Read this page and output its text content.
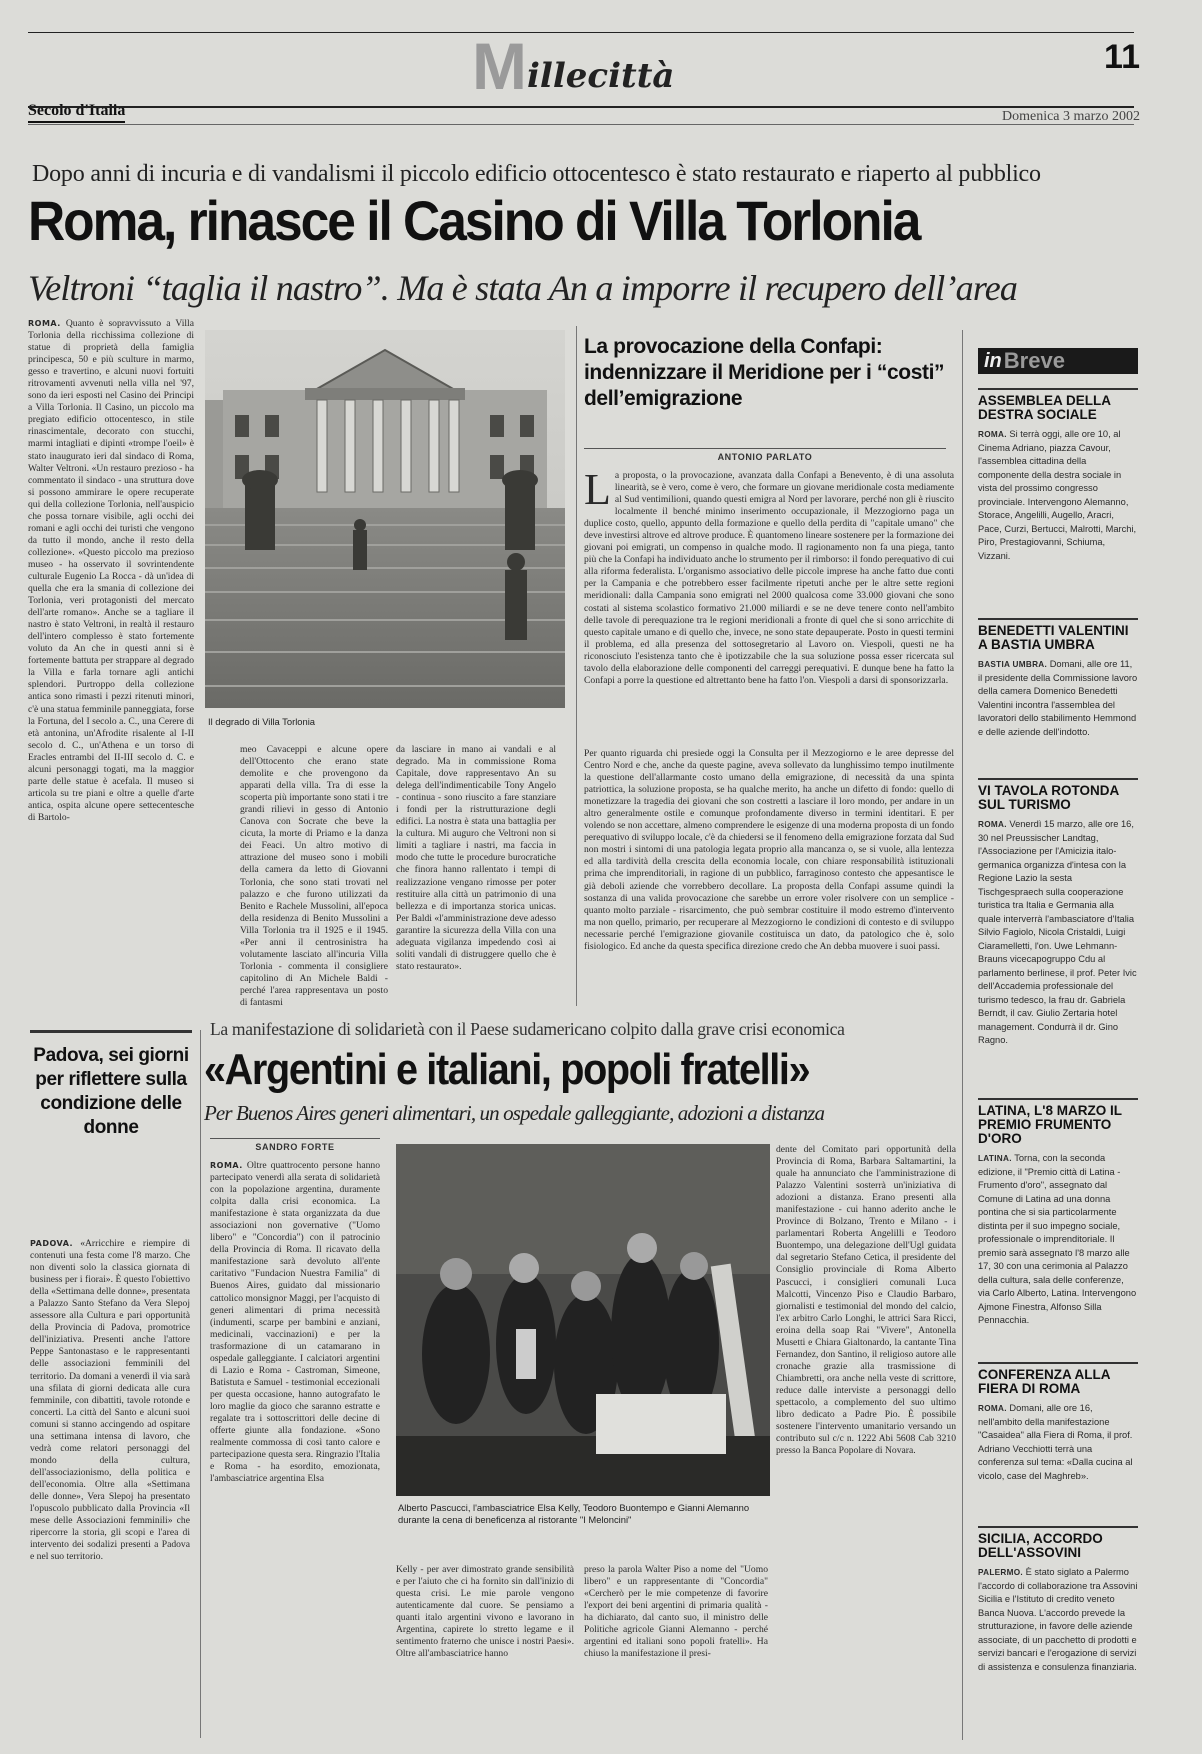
M illecittà	11
Secolo d'Italia	Domenica 3 marzo 2002
Dopo anni di incuria e di vandalismi il piccolo edificio ottocentesco è stato restaurato e riaperto al pubblico
Roma, rinasce il Casino di Villa Torlonia
Veltroni “taglia il nastro”. Ma è stata An a imporre il recupero dell’area
ROMA. Quanto è sopravvissuto a Villa Torlonia della ricchissima collezione di statue di proprietà della famiglia principesca, 50 e più sculture in marmo, gesso e travertino, e alcuni nuovi fortuiti ritrovamenti avvenuti nella villa nel '97, sono da ieri esposti nel Casino dei Principi a Villa Torlonia. Il Casino, un piccolo ma pregiato edificio ottocentesco, in stile rinascimentale, decorato con stucchi, marmi intagliati e dipinti «trompe l'oeil» è stato inaugurato ieri dal sindaco di Roma, Walter Veltroni. «Un restauro prezioso - ha commentato il sindaco - una struttura dove si possono ammirare le opere recuperate qui della collezione Torlonia, nell'auspicio che possa tornare visibile, agli occhi dei romani e agli occhi dei turisti che vengono da tutto il mondo, anche il resto della collezione». «Questo piccolo ma prezioso museo - ha osservato il sovrintendente culturale Eugenio La Rocca - dà un'idea di quella che era la smania di collezione dei Torlonia, veri protagonisti del mercato dell'arte romano». Anche se a tagliare il nastro è stato Veltroni, in realtà il restauro dell'intero complesso è stato fortemente voluto da An che in questi anni si è fortemente battuta per strappare al degrado la Villa e farla tornare agli antichi splendori. Purtroppo della collezione antica sono rimasti i pezzi ritenuti minori, c'è una statua femminile panneggiata, forse la Fortuna, del I secolo a. C., una Cerere di età antonina, un'Afrodite risalente al I-II secolo d. C., un'Athena e un torso di Eracles entrambi del II-III secolo d. C. e alcuni personaggi togati, ma la maggior parte delle statue è acefala. Il museo si articola su tre piani e oltre a quelle d'arte antica, ospita alcune opere settecentesche di Bartolo-
Il degrado di Villa Torlonia
meo Cavaceppi e alcune opere dell'Ottocento che erano state demolite e che provengono da apparati della villa. Tra di esse la scoperta più importante sono stati i tre grandi rilievi in gesso di Antonio Canova con Socrate che beve la cicuta, la morte di Priamo e la danza dei Feaci. Un altro motivo di attrazione del museo sono i mobili della camera da letto di Giovanni Torlonia, che sono stati trovati nel palazzo e che furono utilizzati da Benito e Rachele Mussolini, all'epoca della residenza di Benito Mussolini a Villa Torlonia tra il 1925 e il 1945. «Per anni il centrosinistra ha volutamente lasciato all'incuria Villa Torlonia - commenta il consigliere capitolino di An Michele Baldi - perché l'area rappresentava un posto di fantasmi
da lasciare in mano ai vandali e al degrado. Ma in commissione Roma Capitale, dove rappresentavo An su delega dell'indimenticabile Tony Angelo - continua - sono riuscito a fare stanziare i fondi per la ristrutturazione degli edifici. La nostra è stata una battaglia per la cultura. Mi auguro che Veltroni non si limiti a tagliare i nastri, ma faccia in modo che tutte le procedure burocratiche che finora hanno rallentato i tempi di realizzazione vengano rimosse per poter restituire alla città un patrimonio di una bellezza e di importanza storica unicas. Per Baldi «l'amministrazione deve adesso garantire la sicurezza della Villa con una adeguata vigilanza impedendo così ai soliti vandali di distruggere quello che è stato restaurato».
La provocazione della Confapi: indennizzare il Meridione per i “costi” dell’emigrazione
ANTONIO PARLATO
L a proposta, o la provocazione, avanzata dalla Confapi a Benevento, è di una assoluta linearità, se è vero, come è vero, che formare un giovane meridionale costa mediamente al Sud ventimilioni, quando questi emigra al Nord per lavorare, perché non gli è riuscito localmente il benché minimo inserimento occupazionale, il Mezzogiorno paga un duplice costo, quello, appunto della formazione e quello della perdita di "capitale umano" che deve investirsi altrove ed altrove produce. È quantomeno lineare sostenere per la formazione dei giovani poi emigrati, un compenso in qualche modo. Il ragionamento non fa una piega, tanto più che la Confapi ha individuato anche lo strumento per il rimborso: il fondo perequativo di cui alla riforma federalista. L'organismo associativo delle piccole imprese ha anche fatto due conti per la Campania e che potrebbero esser facilmente ripetuti anche per le altre sette regioni meridionali: dalla Campania sono emigrati nel 2000 qualcosa come 33.000 giovani che sono costati al sistema scolastico formativo 21.000 miliardi e se ne deve tenere conto nell'ambito delle tavole di perequazione tra le regioni meridionali a fronte di quel che si sono arricchite di questo capitale umano e di quello che, invece, ne sono state depauperate. Posto in questi termini il problema, ed alla presenza del sottosegretario al Lavoro on. Viespoli, questi ne ha riconosciuto l'esistenza tanto che è ipotizzabile che la sua soluzione possa esser ricercata sul tavolo della elaborazione delle componenti del carreggi perequativi. E dunque bene ha fatto la Confapi a porre la questione ed altrettanto bene ha fatto l'on. Viespoli a darsi di sponsorizzarla.
Per quanto riguarda chi presiede oggi la Consulta per il Mezzogiorno e le aree depresse del Centro Nord e che, anche da queste pagine, aveva sollevato da lunghissimo tempo inutilmente la questione dell'allarmante costo umano della emigrazione, di necessità da una spinta patriottica, la soluzione proposta, se ha qualche merito, ha anche un difetto di fondo: quello di monetizzare la tragedia dei giovani che son costretti a lasciare il loro mondo, per andare in un altro generalmente ostile e comunque profondamente diverso in termini identitari. E per volendo se non accettare, almeno comprendere le esigenze di una moderna proposta di un fondo perequativo di sviluppo locale, c'è da chiedersi se il fenomeno della emigrazione forzata dal Sud non mostri i sintomi di una patologia legata proprio alla mancanza o, se si vuole, alla lentezza ed alla tardività della crescita della economia locale, con chiare responsabilità istituzionali prima che imprenditoriali, in ragione di un pubblico, farraginoso contesto che appesantisce le già deboli aziende che vorrebbero decollare. La proposta della Confapi assume quindi la sostanza di una valida provocazione che sarebbe un errore voler risolvere con un semplice - quanto molto parziale - risarcimento, che può sembrar costituire il modo estremo d'intervento ma non quello, primario, per recuperare al Mezzogiorno le condizioni di contesto e di sviluppo necessarie perché l'emigrazione giovanile costituisca un dato, da patologico che è, solo fisiologico. Ed anche da questa specifica direzione credo che An debba muovere i suoi passi.
in Breve
ASSEMBLEA DELLA DESTRA SOCIALE
ROMA. Si terrà oggi, alle ore 10, al Cinema Adriano, piazza Cavour, l'assemblea cittadina della componente della destra sociale in vista del prossimo congresso provinciale. Intervengono Alemanno, Storace, Angelilli, Augello, Aracri, Pace, Curzi, Bertucci, Malrotti, Marchi, Piro, Prestagiovanni, Schiuma, Vizzani.
BENEDETTI VALENTINI A BASTIA UMBRA
BASTIA UMBRA. Domani, alle ore 11, il presidente della Commissione lavoro della camera Domenico Benedetti Valentini incontra l'assemblea del lavoratori dello stabilimento Hemmond e delle aziende dell'indotto.
VI TAVOLA ROTONDA SUL TURISMO
ROMA. Venerdì 15 marzo, alle ore 16, 30 nel Preussischer Landtag, l'Associazione per l'Amicizia italo-germanica organizza d'intesa con la Regione Lazio la sesta Tischgespraech sulla cooperazione turistica tra Italia e Germania alla quale interverrà l'ambasciatore d'Italia Silvio Fagiolo, Nicola Cristaldi, Luigi Ciaramelletti, l'on. Uwe Lehmann-Brauns vicecapogruppo Cdu al parlamento berlinese, il prof. Peter Ivic dell'Accademia professionale del turismo tedesco, la frau dr. Gabriela Berndt, il cav. Giulio Zertaria hotel management. Condurrà il dr. Gino Ragno.
LATINA, L'8 MARZO IL PREMIO FRUMENTO D'ORO
LATINA. Torna, con la seconda edizione, il "Premio città di Latina - Frumento d'oro", assegnato dal Comune di Latina ad una donna pontina che si sia particolarmente distinta per il suo impegno sociale, professionale o imprenditoriale. Il premio sarà assegnato l'8 marzo alle 17, 30 con una cerimonia al Palazzo della cultura, sala delle conferenze, via Carlo Alberto, Latina. Intervengono Ajmone Finestra, Alfonso Silla Pennacchia.
CONFERENZA ALLA FIERA DI ROMA
ROMA. Domani, alle ore 16, nell'ambito della manifestazione "Casaidea" alla Fiera di Roma, il prof. Adriano Vecchiotti terrà una conferenza sul tema: «Dalla cucina al vicolo, case del Maghreb».
SICILIA, ACCORDO DELL'ASSOVINI
PALERMO. È stato siglato a Palermo l'accordo di collaborazione tra Assovini Sicilia e l'Istituto di credito veneto Banca Nuova. L'accordo prevede la strutturazione, in favore delle aziende associate, di un pacchetto di prodotti e servizi bancari e l'erogazione di servizi di assistenza e consulenza finanziaria.
Padova, sei giorni per riflettere sulla condizione delle donne
PADOVA. «Arricchire e riempire di contenuti una festa come l'8 marzo. Che non diventi solo la classica giornata di business per i fiorai». È questo l'obiettivo della «Settimana delle donne», presentata a Palazzo Santo Stefano da Vera Slepoj assessore alla Cultura e pari opportunità della Provincia di Padova, promotrice dell'iniziativa. Presenti anche l'attore Peppe Santonastaso e le rappresentanti delle associazioni femminili del territorio. Da domani a venerdì il via sarà una sfilata di giorni dedicata alle cura femminile, con dibattiti, tavole rotonde e concerti. La città del Santo e alcuni suoi comuni si stanno accingendo ad ospitare una settimana intensa di lavoro, che vedrà come relatori personaggi del mondo della cultura, dell'associazionismo, della politica e dell'economia. Oltre alla «Settimana delle donne», Vera Slepoj ha presentato l'opuscolo pubblicato dalla Provincia «Il mese delle Associazioni femminili» che ripercorre la storia, gli scopi e l'area di intervento dei sodalizi presenti a Padova e nel suo territorio.
La manifestazione di solidarietà con il Paese sudamericano colpito dalla grave crisi economica
«Argentini e italiani, popoli fratelli»
Per Buenos Aires generi alimentari, un ospedale galleggiante, adozioni a distanza
SANDRO FORTE
ROMA. Oltre quattrocento persone hanno partecipato venerdì alla serata di solidarietà con la popolazione argentina, duramente colpita dalla crisi economica. La manifestazione è stata organizzata da due associazioni non governative ("Uomo libero" e "Concordia") con il patrocinio della Provincia di Roma. Il ricavato della manifestazione sarà devoluto all'ente caritativo "Fundacion Nuestra Familia" di Buenos Aires, guidato dal missionario cattolico monsignor Maggi, per l'acquisto di generi alimentari di prima necessità (indumenti, scarpe per bambini e anziani, medicinali, vaccinazioni) e per la trasformazione di un catamarano in ospedale galleggiante. I calciatori argentini di Lazio e Roma - Castroman, Simeone, Batistuta e Samuel - testimonial eccezionali per questa occasione, hanno autografato le loro maglie da gioco che saranno estratte e regalate tra i sottoscrittori delle decine di offerte giunte alla fondazione. «Sono realmente commossa di così tanto calore e partecipazione questa sera. Ringrazio l'Italia e Roma - ha esordito, emozionata, l'ambasciatrice argentina Elsa
Alberto Pascucci, l'ambasciatrice Elsa Kelly, Teodoro Buontempo e Gianni Alemanno durante la cena di beneficenza al ristorante "I Melonc​ini"
Kelly - per aver dimostrato grande sensibilità e per l'aiuto che ci ha fornito sin dall'inizio di questa crisi. Le mie parole vengono autenticamente dal cuore. Se pensiamo a quanti italo argentini vivono e lavorano in Argentina, capirete lo stretto legame e il sentimento fraterno che unisce i nostri Paesi». Oltre all'ambasciatrice hanno
preso la parola Walter Piso a nome del "Uomo libero" e un rappresentante di "Concordia" «Cercherò per le mie competenze di favorire l'export dei beni argentini di primaria qualità - ha dichiarato, dal canto suo, il ministro delle Politiche agricole Gianni Alemanno - perché argentini ed italiani sono popoli fratelli». Ha chiuso la manifestazione il presi-
dente del Comitato pari opportunità della Provincia di Roma, Barbara Saltamartini, la quale ha annunciato che l'amministrazione di Palazzo Valentini sosterrà un'iniziativa di adozioni a distanza. Erano presenti alla manifestazione - cui hanno aderito anche le Province di Bolzano, Trento e Milano - i parlamentari Roberta Angelilli e Teodoro Buontempo, una delegazione dell'Ugl guidata dal segretario Stefano Cetica, il presidente del Consiglio provinciale di Roma Alberto Pascucci, i consiglieri comunali Luca Malcotti, Vincenzo Piso e Claudio Barbaro, giornalisti e testimonial del mondo del calcio, l'ex arbitro Carlo Longhi, le attrici Sara Ricci, eroina della soap Rai "Vivere", Antonella Musetti e Chiara Gialtonardo, la cantante Tina Fernandez, don Santino, il religioso autore alle cronache grazie alla trasmissione di Chiambretti, ora anche nella veste di scrittore, reduce dalle interviste a personaggi dello spettacolo, a complemento del suo ultimo libro dedicato a Padre Pio. È possibile sostenere l'intervento umanitario versando un contributo sul c/c n. 1222 Abi 5608 Cab 3210 presso la Banca Popolare di Novara.
